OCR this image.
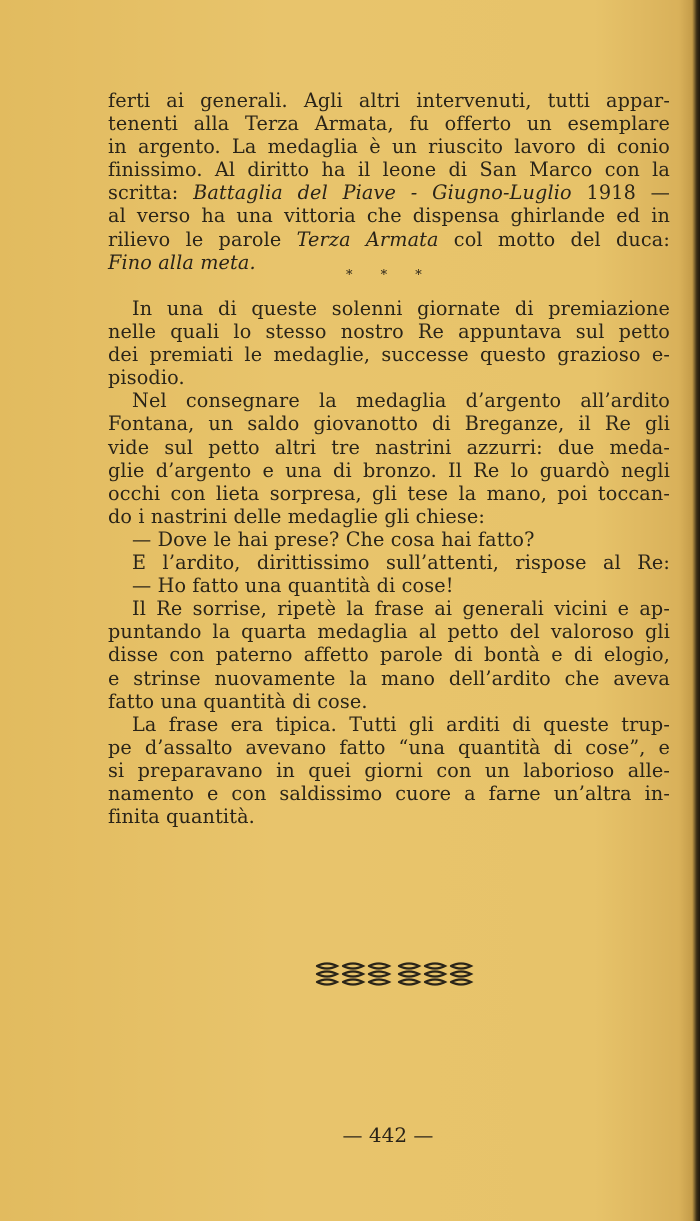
ferti ai generali. Agli altri intervenuti, tutti appar-
tenenti alla Terza Armata, fu offerto un esemplare
in argento. La medaglia è un riuscito lavoro di conio
finissimo. Al diritto ha il leone di San Marco con la
scritta: Battaglia del Piave - Giugno-Luglio 1918 —
al verso ha una vittoria che dispensa ghirlande ed in
rilievo le parole Terza Armata col motto del duca:
Fino alla meta.
* * *
In una di queste solenni giornate di premiazione
nelle quali lo stesso nostro Re appuntava sul petto
dei premiati le medaglie, successe questo grazioso e-
pisodio.
Nel consegnare la medaglia d’argento all’ardito
Fontana, un saldo giovanotto di Breganze, il Re gli
vide sul petto altri tre nastrini azzurri: due meda-
glie d’argento e una di bronzo. Il Re lo guardò negli
occhi con lieta sorpresa, gli tese la mano, poi toccan-
do i nastrini delle medaglie gli chiese:
— Dove le hai prese? Che cosa hai fatto?
E l’ardito, dirittissimo sull’attenti, rispose al Re:
— Ho fatto una quantità di cose!
Il Re sorrise, ripetè la frase ai generali vicini e ap-
puntando la quarta medaglia al petto del valoroso gli
disse con paterno affetto parole di bontà e di elogio,
e strinse nuovamente la mano dell’ardito che aveva
fatto una quantità di cose.
La frase era tipica. Tutti gli arditi di queste trup-
pe d’assalto avevano fatto “una quantità di cose”, e
si preparavano in quei giorni con un laborioso alle-
namento e con saldissimo cuore a farne un’altra in-
finita quantità.
— 442 —
